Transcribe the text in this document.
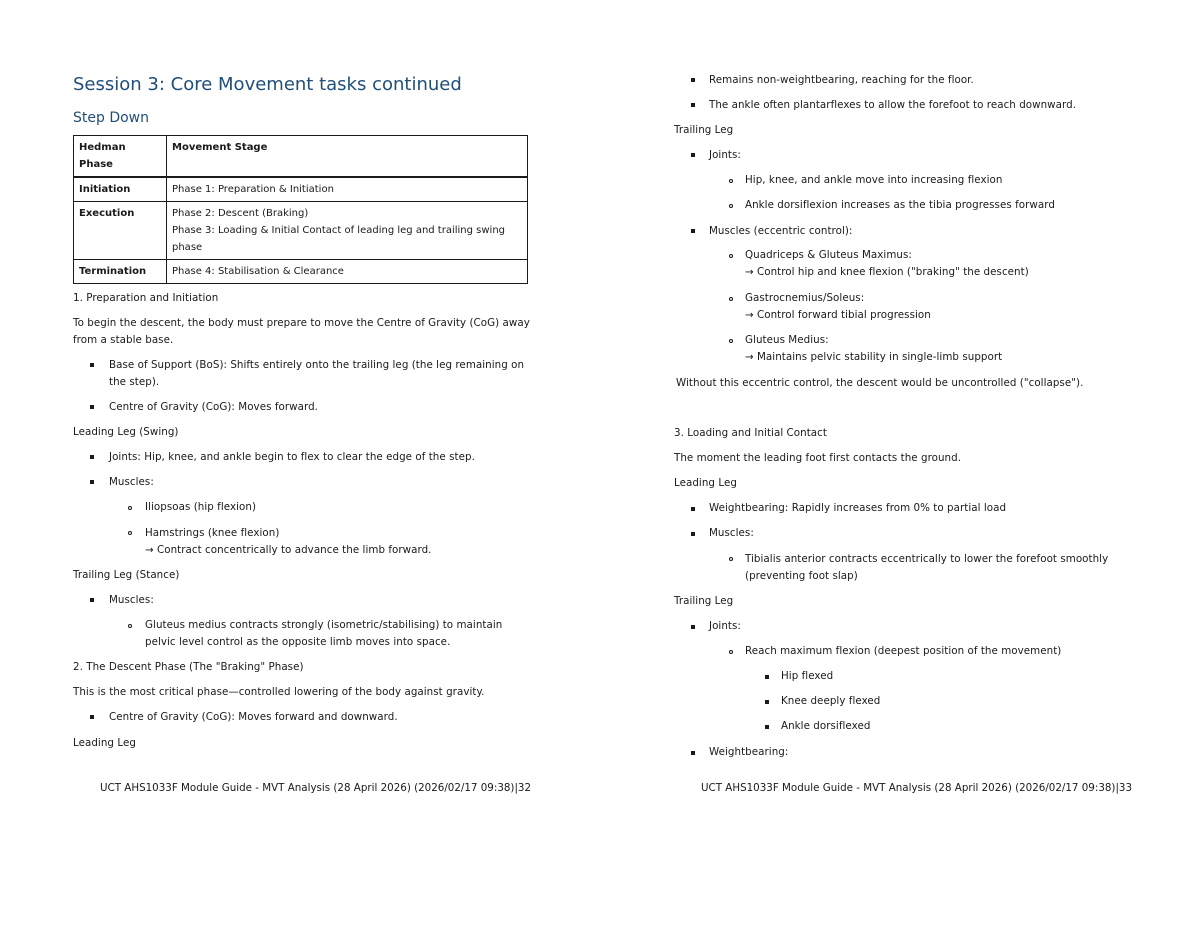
Session 3: Core Movement tasks continued
Step Down
Hedman
Phase	Movement Stage

Initiation	Phase 1: Preparation & Initiation

Execution	Phase 2: Descent (Braking)
Phase 3: Loading & Initial Contact of leading leg and trailing swing
phase

Termination	Phase 4: Stabilisation & Clearance
1. Preparation and Initiation
To begin the descent, the body must prepare to move the Centre of Gravity (CoG) away
from a stable base.
Base of Support (BoS): Shifts entirely onto the trailing leg (the leg remaining on
the step).
Centre of Gravity (CoG): Moves forward.
Leading Leg (Swing)
Joints: Hip, knee, and ankle begin to flex to clear the edge of the step.
Muscles:
Iliopsoas (hip flexion)
Hamstrings (knee flexion)
→ Contract concentrically to advance the limb forward.
Trailing Leg (Stance)
Muscles:
Gluteus medius contracts strongly (isometric/stabilising) to maintain
pelvic level control as the opposite limb moves into space.
2. The Descent Phase (The "Braking" Phase)
This is the most critical phase—controlled lowering of the body against gravity.
Centre of Gravity (CoG): Moves forward and downward.
Leading Leg
UCT AHS1033F Module Guide - MVT Analysis (28 April 2026) (2026/02/17 09:38)|32
Remains non-weightbearing, reaching for the floor.
The ankle often plantarflexes to allow the forefoot to reach downward.
Trailing Leg
Joints:
Hip, knee, and ankle move into increasing flexion
Ankle dorsiflexion increases as the tibia progresses forward
Muscles (eccentric control):
Quadriceps & Gluteus Maximus:
→ Control hip and knee flexion ("braking" the descent)
Gastrocnemius/Soleus:
→ Control forward tibial progression
Gluteus Medius:
→ Maintains pelvic stability in single-limb support
Without this eccentric control, the descent would be uncontrolled ("collapse").
3. Loading and Initial Contact
The moment the leading foot first contacts the ground.
Leading Leg
Weightbearing: Rapidly increases from 0% to partial load
Muscles:
Tibialis anterior contracts eccentrically to lower the forefoot smoothly
(preventing foot slap)
Trailing Leg
Joints:
Reach maximum flexion (deepest position of the movement)
Hip flexed
Knee deeply flexed
Ankle dorsiflexed
Weightbearing:
UCT AHS1033F Module Guide - MVT Analysis (28 April 2026) (2026/02/17 09:38)|33
